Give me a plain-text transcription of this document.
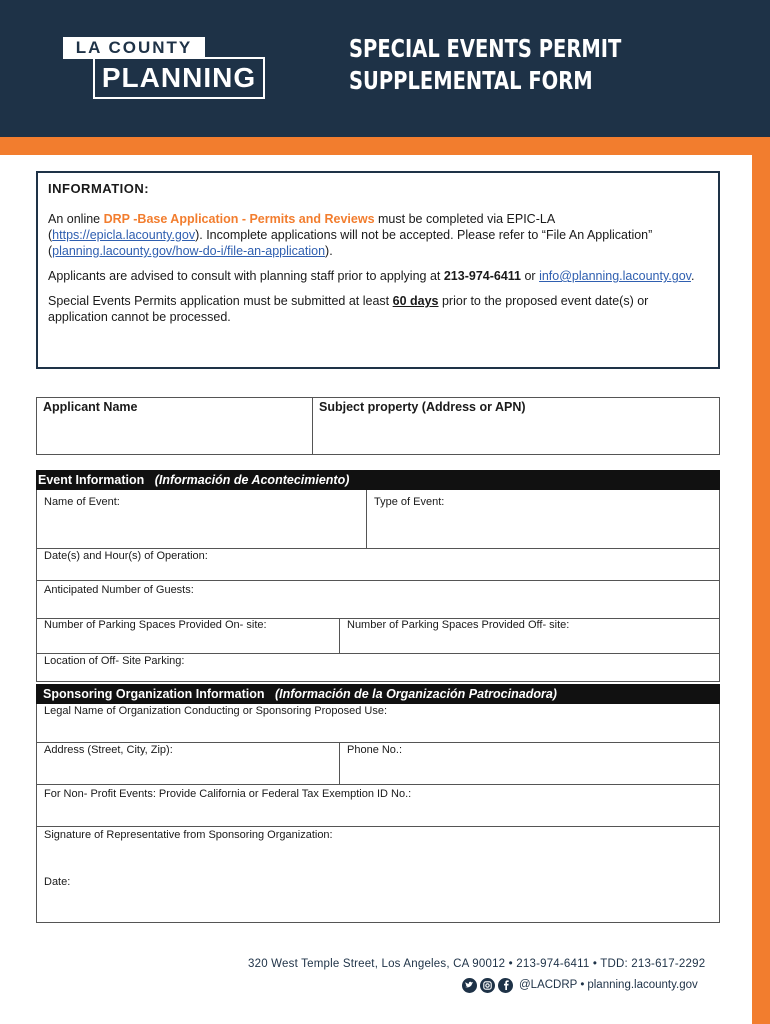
LA COUNTY
PLANNING
SPECIAL EVENTS PERMIT
SUPPLEMENTAL FORM
INFORMATION:
An online DRP -Base Application - Permits and Reviews must be completed via EPIC-LA (https://epicla.lacounty.gov). Incomplete applications will not be accepted. Please refer to “File An Application” (planning.lacounty.gov/how-do-i/file-an-application).
Applicants are advised to consult with planning staff prior to applying at 213-974-6411 or info@planning.lacounty.gov.
Special Events Permits application must be submitted at least 60 days prior to the proposed event date(s) or application cannot be processed.
Applicant Name	Subject property (Address or APN)
Event Information (Información de Acontecimiento)
Name of Event:	Type of Event:
Date(s) and Hour(s) of Operation:
Anticipated Number of Guests:
Number of Parking Spaces Provided On- site:	Number of Parking Spaces Provided Off- site:
Location of Off- Site Parking:
Sponsoring Organization Information (Información de la Organización Patrocinadora)
Legal Name of Organization Conducting or Sponsoring Proposed Use:
Address (Street, City, Zip):	Phone No.:
For Non- Profit Events: Provide California or Federal Tax Exemption ID No.:
Signature of Representative from Sponsoring Organization:
Date:
320 West Temple Street, Los Angeles, CA 90012 • 213-974-6411 • TDD: 213-617-2292
@LACDRP • planning.lacounty.gov
